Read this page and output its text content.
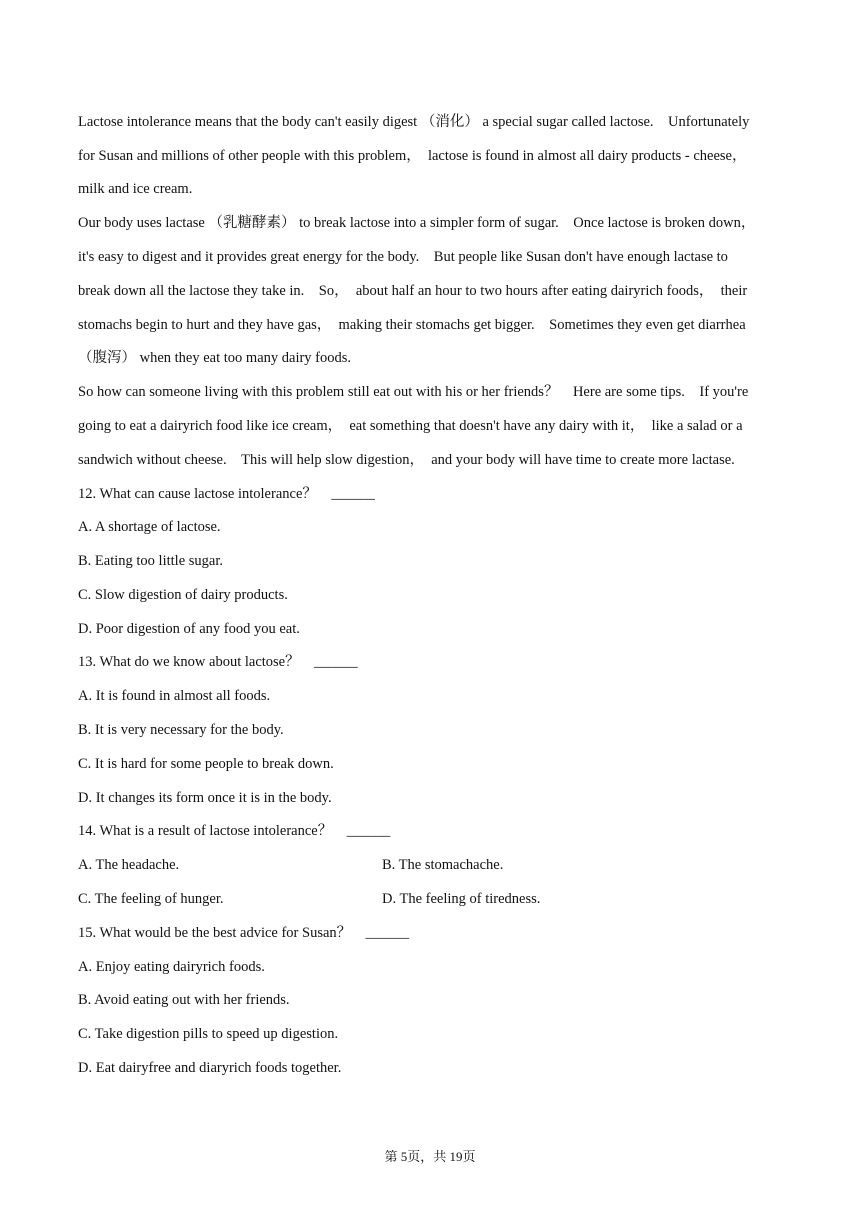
Lactose intolerance means that the body can't easily digest （消化） a special sugar called lactose.　Unfortunately
for Susan and millions of other people with this problem，　lactose is found in almost all dairy products - cheese，
milk and ice cream.
Our body uses lactase （乳糖酵素） to break lactose into a simpler form of sugar.　Once lactose is broken down，
it's easy to digest and it provides great energy for the body.　But people like Susan don't have enough lactase to
break down all the lactose they take in.　So，　about half an hour to two hours after eating dairyrich foods，　their
stomachs begin to hurt and they have gas，　making their stomachs get bigger.　Sometimes they even get diarrhea
（腹泻） when they eat too many dairy foods.
So how can someone living with this problem still eat out with his or her friends？　Here are some tips.　If you're
going to eat a dairyrich food like ice cream，　eat something that doesn't have any dairy with it，　like a salad or a
sandwich without cheese.　This will help slow digestion，　and your body will have time to create more lactase.
12. What can cause lactose intolerance？　______
A. A shortage of lactose.
B. Eating too little sugar.
C. Slow digestion of dairy products.
D. Poor digestion of any food you eat.
13. What do we know about lactose？　______
A. It is found in almost all foods.
B. It is very necessary for the body.
C. It is hard for some people to break down.
D. It changes its form once it is in the body.
14. What is a result of lactose intolerance？　______
A. The headache.	B. The stomachache.
C. The feeling of hunger.	D. The feeling of tiredness.
15. What would be the best advice for Susan？　______
A. Enjoy eating dairyrich foods.
B. Avoid eating out with her friends.
C. Take digestion pills to speed up digestion.
D. Eat dairyfree and diaryrich foods together.
第 5页，共 19页
